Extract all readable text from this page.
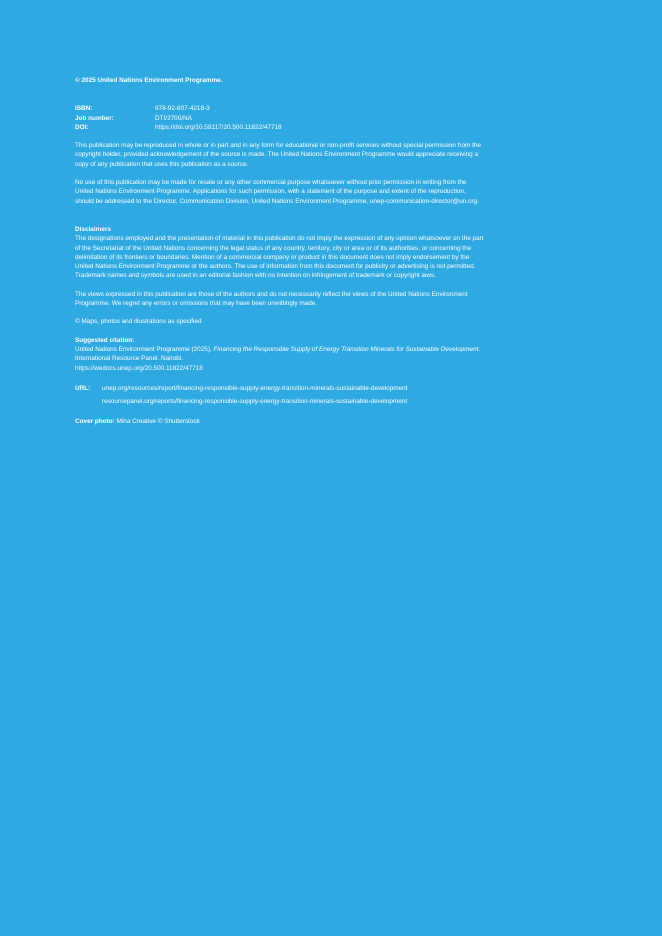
© 2025 United Nations Environment Programme.

ISBN:	978-92-807-4218-3
Job number:	DTI/2700/NA
DOI:	https://doi.org/10.59117/20.500.11822/47718

This publication may be reproduced in whole or in part and in any form for educational or non-profit services without special permission from the copyright holder, provided acknowledgement of the source is made. The United Nations Environment Programme would appreciate receiving a copy of any publication that uses this publication as a source.

No use of this publication may be made for resale or any other commercial purpose whatsoever without prior permission in writing from the United Nations Environment Programme. Applications for such permission, with a statement of the purpose and extent of the reproduction, should be addressed to the Director, Communication Division, United Nations Environment Programme, unep-communication-director@un.org.

Disclaimers

The designations employed and the presentation of material in this publication do not imply the expression of any opinion whatsoever on the part of the Secretariat of the United Nations concerning the legal status of any country, territory, city or area or of its authorities, or concerning the delimitation of its frontiers or boundaries. Mention of a commercial company or product in this document does not imply endorsement by the United Nations Environment Programme or the authors. The use of information from this document for publicity or advertising is not permitted. Trademark names and symbols are used in an editorial fashion with no intention on infringement of trademark or copyright laws.

The views expressed in this publication are those of the authors and do not necessarily reflect the views of the United Nations Environment Programme. We regret any errors or omissions that may have been unwittingly made.

© Maps, photos and illustrations as specified

Suggested citation:

United Nations Environment Programme (2025). Financing the Responsible Supply of Energy Transition Minerals for Sustainable Development. International Resource Panel. Nairobi.

https://wedocs.unep.org/20.500.11822/47718

URL:	unep.org/resources/report/financing-responsible-supply-energy-transition-minerals-sustainable-development
resourcepanel.org/reports/financing-responsible-supply-energy-transition-minerals-sustainable-development

Cover photo: Miha Creative © Shutterstock
